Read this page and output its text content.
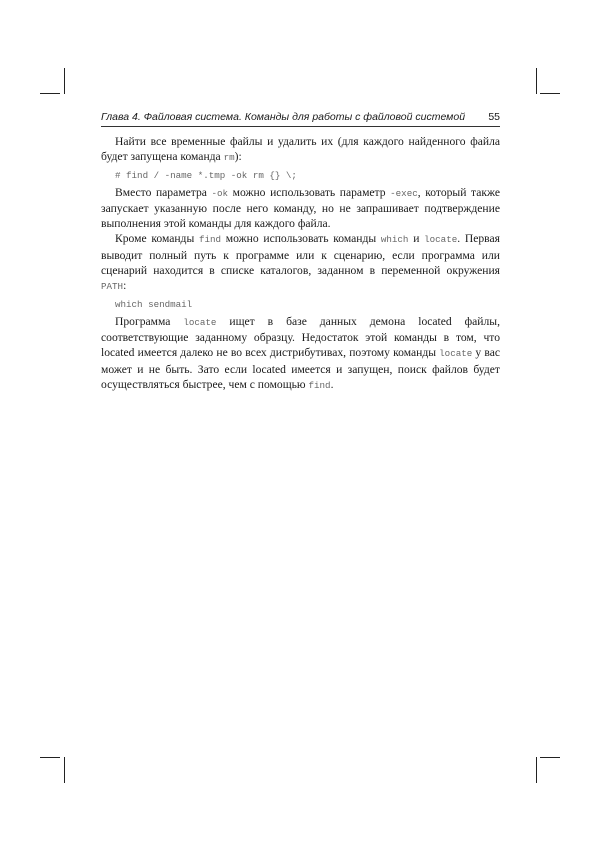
Глава 4. Файловая система. Команды для работы с файловой системой 55

Найти все временные файлы и удалить их (для каждого найденного файла будет запущена команда rm):

# find / -name *.tmp -ok rm {} \;

Вместо параметра -ok можно использовать параметр -exec, который также запускает указанную после него команду, но не запрашивает подтверждение выполнения этой команды для каждого файла.

Кроме команды find можно использовать команды which и locate. Первая выводит полный путь к программе или к сценарию, если программа или сценарий находится в списке каталогов, заданном в переменной окружения PATH:

which sendmail

Программа locate ищет в базе данных демона located файлы, соответствующие заданному образцу. Недостаток этой команды в том, что located имеется далеко не во всех дистрибутивах, поэтому команды locate у вас может и не быть. Зато если located имеется и запущен, поиск файлов будет осуществляться быстрее, чем с помощью find.
